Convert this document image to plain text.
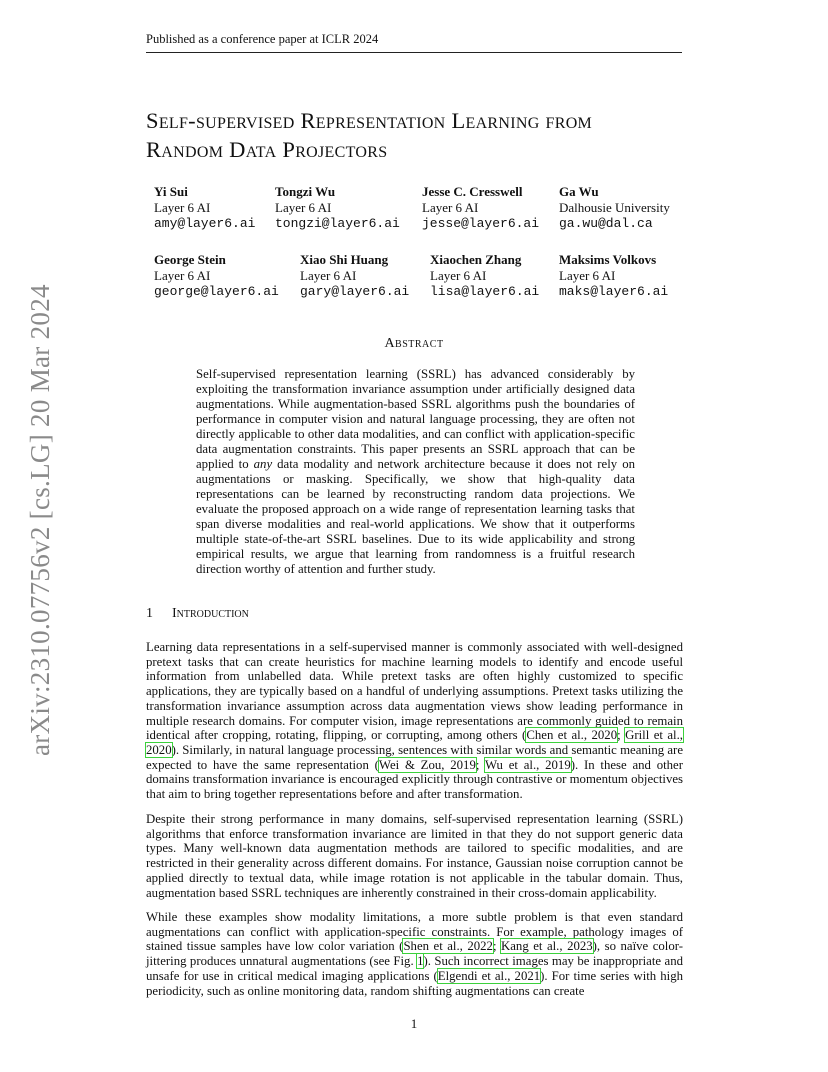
Published as a conference paper at ICLR 2024
arXiv:2310.07756v2 [cs.LG] 20 Mar 2024
Self-supervised Representation Learning from
Random Data Projectors
Yi Sui
Layer 6 AI
amy@layer6.ai
Tongzi Wu
Layer 6 AI
tongzi@layer6.ai
Jesse C. Cresswell
Layer 6 AI
jesse@layer6.ai
Ga Wu
Dalhousie University
ga.wu@dal.ca
George Stein
Layer 6 AI
george@layer6.ai
Xiao Shi Huang
Layer 6 AI
gary@layer6.ai
Xiaochen Zhang
Layer 6 AI
lisa@layer6.ai
Maksims Volkovs
Layer 6 AI
maks@layer6.ai
Abstract
Self-supervised representation learning (SSRL) has advanced considerably by exploiting the transformation invariance assumption under artificially designed data augmentations. While augmentation-based SSRL algorithms push the boundaries of performance in computer vision and natural language processing, they are often not directly applicable to other data modalities, and can conflict with application-specific data augmentation constraints. This paper presents an SSRL approach that can be applied to any data modality and network architecture because it does not rely on augmentations or masking. Specifically, we show that high-quality data representations can be learned by reconstructing random data projections. We evaluate the proposed approach on a wide range of representation learning tasks that span diverse modalities and real-world applications. We show that it outperforms multiple state-of-the-art SSRL baselines. Due to its wide applicability and strong empirical results, we argue that learning from randomness is a fruitful research direction worthy of attention and further study.
1 Introduction

Learning data representations in a self-supervised manner is commonly associated with well-designed pretext tasks that can create heuristics for machine learning models to identify and encode useful information from unlabelled data. While pretext tasks are often highly customized to specific applications, they are typically based on a handful of underlying assumptions. Pretext tasks utilizing the transformation invariance assumption across data augmentation views show leading performance in multiple research domains. For computer vision, image representations are commonly guided to remain identical after cropping, rotating, flipping, or corrupting, among others (Chen et al., 2020; Grill et al., 2020). Similarly, in natural language processing, sentences with similar words and semantic meaning are expected to have the same representation (Wei & Zou, 2019; Wu et al., 2019). In these and other domains transformation invariance is encouraged explicitly through contrastive or momentum objectives that aim to bring together representations before and after transformation.

Despite their strong performance in many domains, self-supervised representation learning (SSRL) algorithms that enforce transformation invariance are limited in that they do not support generic data types. Many well-known data augmentation methods are tailored to specific modalities, and are restricted in their generality across different domains. For instance, Gaussian noise corruption cannot be applied directly to textual data, while image rotation is not applicable in the tabular domain. Thus, augmentation based SSRL techniques are inherently constrained in their cross-domain applicability.

While these examples show modality limitations, a more subtle problem is that even standard augmentations can conflict with application-specific constraints. For example, pathology images of stained tissue samples have low color variation (Shen et al., 2022; Kang et al., 2023), so naïve color-jittering produces unnatural augmentations (see Fig. 1). Such incorrect images may be inappropriate and unsafe for use in critical medical imaging applications (Elgendi et al., 2021). For time series with high periodicity, such as online monitoring data, random shifting augmentations can create

1
